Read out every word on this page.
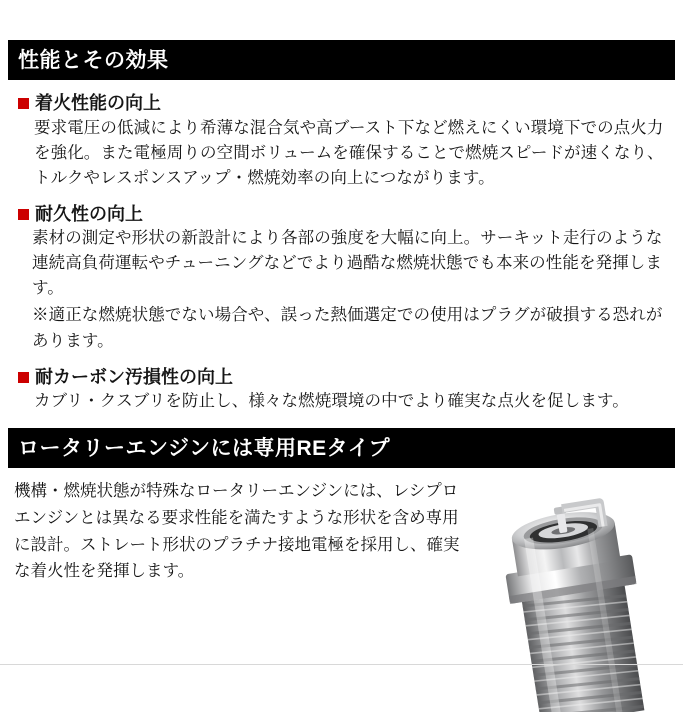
性能とその効果
着火性能の向上

要求電圧の低減により希薄な混合気や高ブースト下など燃えにくい環境下での点火力を強化。また電極周りの空間ボリュームを確保することで燃焼スピードが速くなり、トルクやレスポンスアップ・燃焼効率の向上につながります。

耐久性の向上

素材の測定や形状の新設計により各部の強度を大幅に向上。サーキット走行のような連続高負荷運転やチューニングなどでより過酷な燃焼状態でも本来の性能を発揮します。

※適正な燃焼状態でない場合や、誤った熱価選定での使用はプラグが破損する恐れがあります。

耐カーボン汚損性の向上

カブリ・クスブリを防止し、様々な燃焼環境の中でより確実な点火を促します。

ロータリーエンジンには専用REタイプ
機構・燃焼状態が特殊なロータリーエンジンには、レシプロエンジンとは異なる要求性能を満たすような形状を含め専用に設計。ストレート形状のプラチナ接地電極を採用し、確実な着火性を発揮します。
